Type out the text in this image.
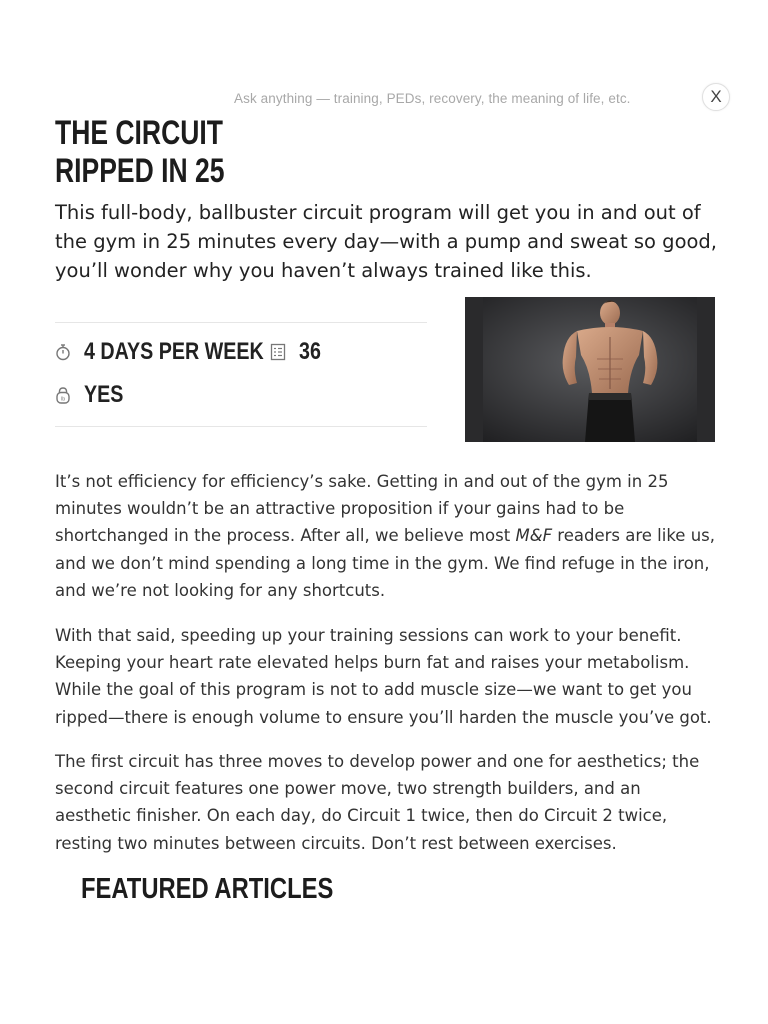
Ask anything — training, PEDs, recovery, the meaning of life, etc.	X
THE CIRCUIT
RIPPED IN 25

This full-body, ballbuster circuit program will get you in and out of the gym in 25 minutes every day—with a pump and sweat so good, you’ll wonder why you haven’t always trained like this.

4 DAYS PER WEEK 36
lb YES

It’s not efficiency for efficiency’s sake. Getting in and out of the gym in 25 minutes wouldn’t be an attractive proposition if your gains had to be shortchanged in the process. After all, we believe most M&F readers are like us, and we don’t mind spending a long time in the gym. We find refuge in the iron, and we’re not looking for any shortcuts.

With that said, speeding up your training sessions can work to your benefit. Keeping your heart rate elevated helps burn fat and raises your metabolism. While the goal of this program is not to add muscle size—we want to get you ripped—there is enough volume to ensure you’ll harden the muscle you’ve got.

The first circuit has three moves to develop power and one for aesthetics; the second circuit features one power move, two strength builders, and an aesthetic finisher. On each day, do Circuit 1 twice, then do Circuit 2 twice, resting two minutes between circuits. Don’t rest between exercises.

FEATURED ARTICLES
